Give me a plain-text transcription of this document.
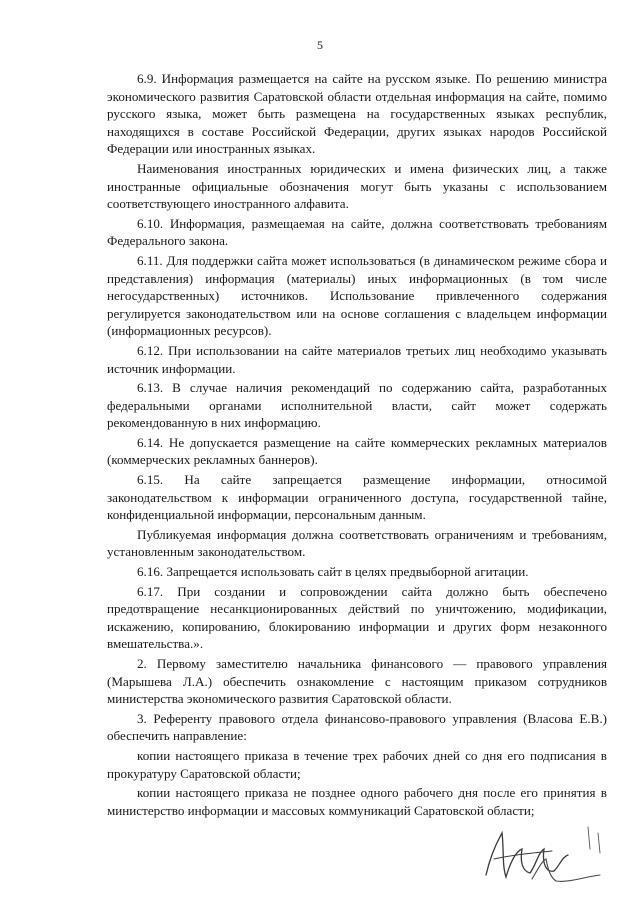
5

6.9. Информация размещается на сайте на русском языке. По решению министра экономического развития Саратовской области отдельная информация на сайте, помимо русского языка, может быть размещена на государственных языках республик, находящихся в составе Российской Федерации, других языках народов Российской Федерации или иностранных языках.

Наименования иностранных юридических и имена физических лиц, а также иностранные официальные обозначения могут быть указаны с использованием соответствующего иностранного алфавита.

6.10. Информация, размещаемая на сайте, должна соответствовать требованиям Федерального закона.

6.11. Для поддержки сайта может использоваться (в динамическом режиме сбора и представления) информация (материалы) иных информационных (в том числе негосударственных) источников. Использование привлеченного содержания регулируется законодательством или на основе соглашения с владельцем информации (информационных ресурсов).

6.12. При использовании на сайте материалов третьих лиц необходимо указывать источник информации.

6.13. В случае наличия рекомендаций по содержанию сайта, разработанных федеральными органами исполнительной власти, сайт может содержать рекомендованную в них информацию.

6.14. Не допускается размещение на сайте коммерческих рекламных материалов (коммерческих рекламных баннеров).

6.15. На сайте запрещается размещение информации, относимой законодательством к информации ограниченного доступа, государственной тайне, конфиденциальной информации, персональным данным.

Публикуемая информация должна соответствовать ограничениям и требованиям, установленным законодательством.

6.16. Запрещается использовать сайт в целях предвыборной агитации.

6.17. При создании и сопровождении сайта должно быть обеспечено предотвращение несанкционированных действий по уничтожению, модификации, искажению, копированию, блокированию информации и других форм незаконного вмешательства.».

2. Первому заместителю начальника финансового — правового управления (Марышева Л.А.) обеспечить ознакомление с настоящим приказом сотрудников министерства экономического развития Саратовской области.

3. Референту правового отдела финансово-правового управления (Власова Е.В.) обеспечить направление:

копии настоящего приказа в течение трех рабочих дней со дня его подписания в прокуратуру Саратовской области;

копии настоящего приказа не позднее одного рабочего дня после его принятия в министерство информации и массовых коммуникаций Саратовской области;
